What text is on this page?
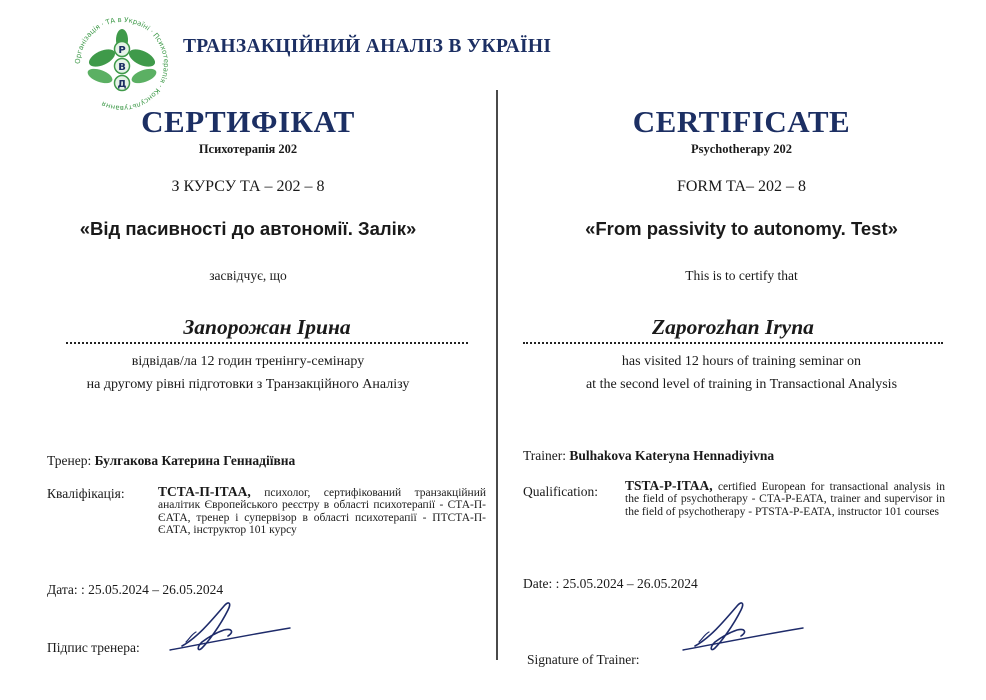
Організація · ТА в Україні · Психотерапія · Консультування
Р
В
Д
ТРАНЗАКЦІЙНИЙ АНАЛІЗ В УКРАЇНІ
СЕРТИФІКАТ
Психотерапія 202
З КУРСУ ТА – 202 – 8
«Від пасивності до автономії. Залік»
засвідчує, що
Запорожан Ірина
відвідав/ла 12 годин тренінгу-семінару
на другому рівні підготовки з Транзакційного Аналізу
Тренер: Булгакова Катерина Геннадіївна
Кваліфікація: ТСТА-П-ІТАА, психолог, сертифікований транзакційний аналітик Європейського реєстру в області психотерапії - СТА-П-ЄАТА, тренер і супервізор в області психотерапії - ПТСТА-П-ЄАТА, інструктор 101 курсу
Дата: : 25.05.2024 – 26.05.2024
Підпис тренера:
CERTIFICATE
Psychotherapy 202
FORM TA– 202 – 8
«From passivity to autonomy. Test»
This is to certify that
Zaporozhan Iryna
has visited 12 hours of training seminar on
at the second level of training in Transactional Analysis
Trainer: Bulhakova Kateryna Hennadiyivna
Qualification: TSTA-P-ITAA, certified European for transactional analysis in the field of psychotherapy - CTA-P-EATA, trainer and supervisor in the field of psychotherapy - PTSTA-P-EATA, instructor 101 courses
Date: : 25.05.2024 – 26.05.2024
Signature of Trainer:
